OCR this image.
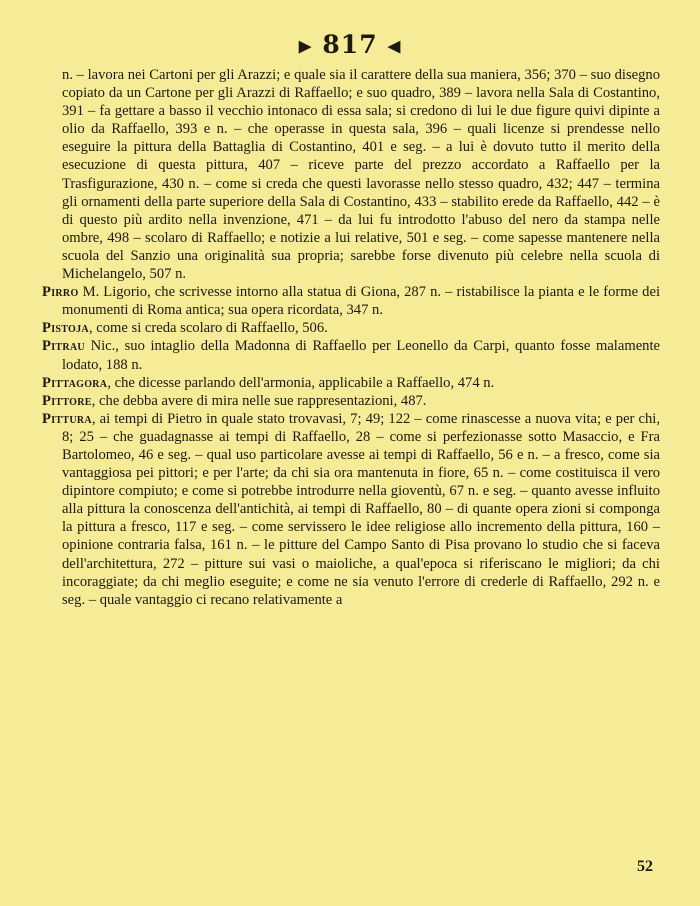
▶ 817 ◀

n. – lavora nei Cartoni per gli Arazzi; e quale sia il carattere della sua maniera, 356; 370 – suo disegno copiato da un Cartone per gli Arazzi di Raffaello; e suo quadro, 389 – lavora nella Sala di Costantino, 391 – fa gettare a basso il vecchio intonaco di essa sala; si credono di lui le due figure quivi dipinte a olio da Raffaello, 393 e n. – che operasse in questa sala, 396 – quali licenze si prendesse nello eseguire la pittura della Battaglia di Costantino, 401 e seg. – a lui è dovuto tutto il merito della esecuzione di questa pittura, 407 – riceve parte del prezzo accordato a Raffaello per la Trasfigurazione, 430 n. – come si creda che questi lavorasse nello stesso quadro, 432; 447 – termina gli ornamenti della parte superiore della Sala di Costantino, 433 – stabilito erede da Raffaello, 442 – è di questo più ardito nella invenzione, 471 – da lui fu introdotto l'abuso del nero da stampa nelle ombre, 498 – scolaro di Raffaello; e notizie a lui relative, 501 e seg. – come sapesse mantenere nella scuola del Sanzio una originalità sua propria; sarebbe forse divenuto più celebre nella scuola di Michelangelo, 507 n.

Pirro M. Ligorio, che scrivesse intorno alla statua di Giona, 287 n. – ristabilisce la pianta e le forme dei monumenti di Roma antica; sua opera ricordata, 347 n.

Pistoja, come si creda scolaro di Raffaello, 506.

Pitrau Nic., suo intaglio della Madonna di Raffaello per Leonello da Carpi, quanto fosse malamente lodato, 188 n.

Pittagora, che dicesse parlando dell'armonia, applicabile a Raffaello, 474 n.

Pittore, che debba avere di mira nelle sue rappresentazioni, 487.

Pittura, ai tempi di Pietro in quale stato trovavasi, 7; 49; 122 – come rinascesse a nuova vita; e per chi, 8; 25 – che guadagnasse ai tempi di Raffaello, 28 – come si perfezionasse sotto Masaccio, e Fra Bartolomeo, 46 e seg. – qual uso particolare avesse ai tempi di Raffaello, 56 e n. – a fresco, come sia vantaggiosa pei pittori; e per l'arte; da chi sia ora mantenuta in fiore, 65 n. – come costituisca il vero dipintore compiuto; e come si potrebbe introdurre nella gioventù, 67 n. e seg. – quanto avesse influito alla pittura la conoscenza dell'antichità, ai tempi di Raffaello, 80 – di quante opera zioni si componga la pittura a fresco, 117 e seg. – come servissero le idee religiose allo incremento della pittura, 160 – opinione contraria falsa, 161 n. – le pitture del Campo Santo di Pisa provano lo studio che si faceva dell'architettura, 272 – pitture sui vasi o maioliche, a qual'epoca si riferiscano le migliori; da chi incoraggiate; da chi meglio eseguite; e come ne sia venuto l'errore di crederle di Raffaello, 292 n. e seg. – quale vantaggio ci recano relativamente a

52
